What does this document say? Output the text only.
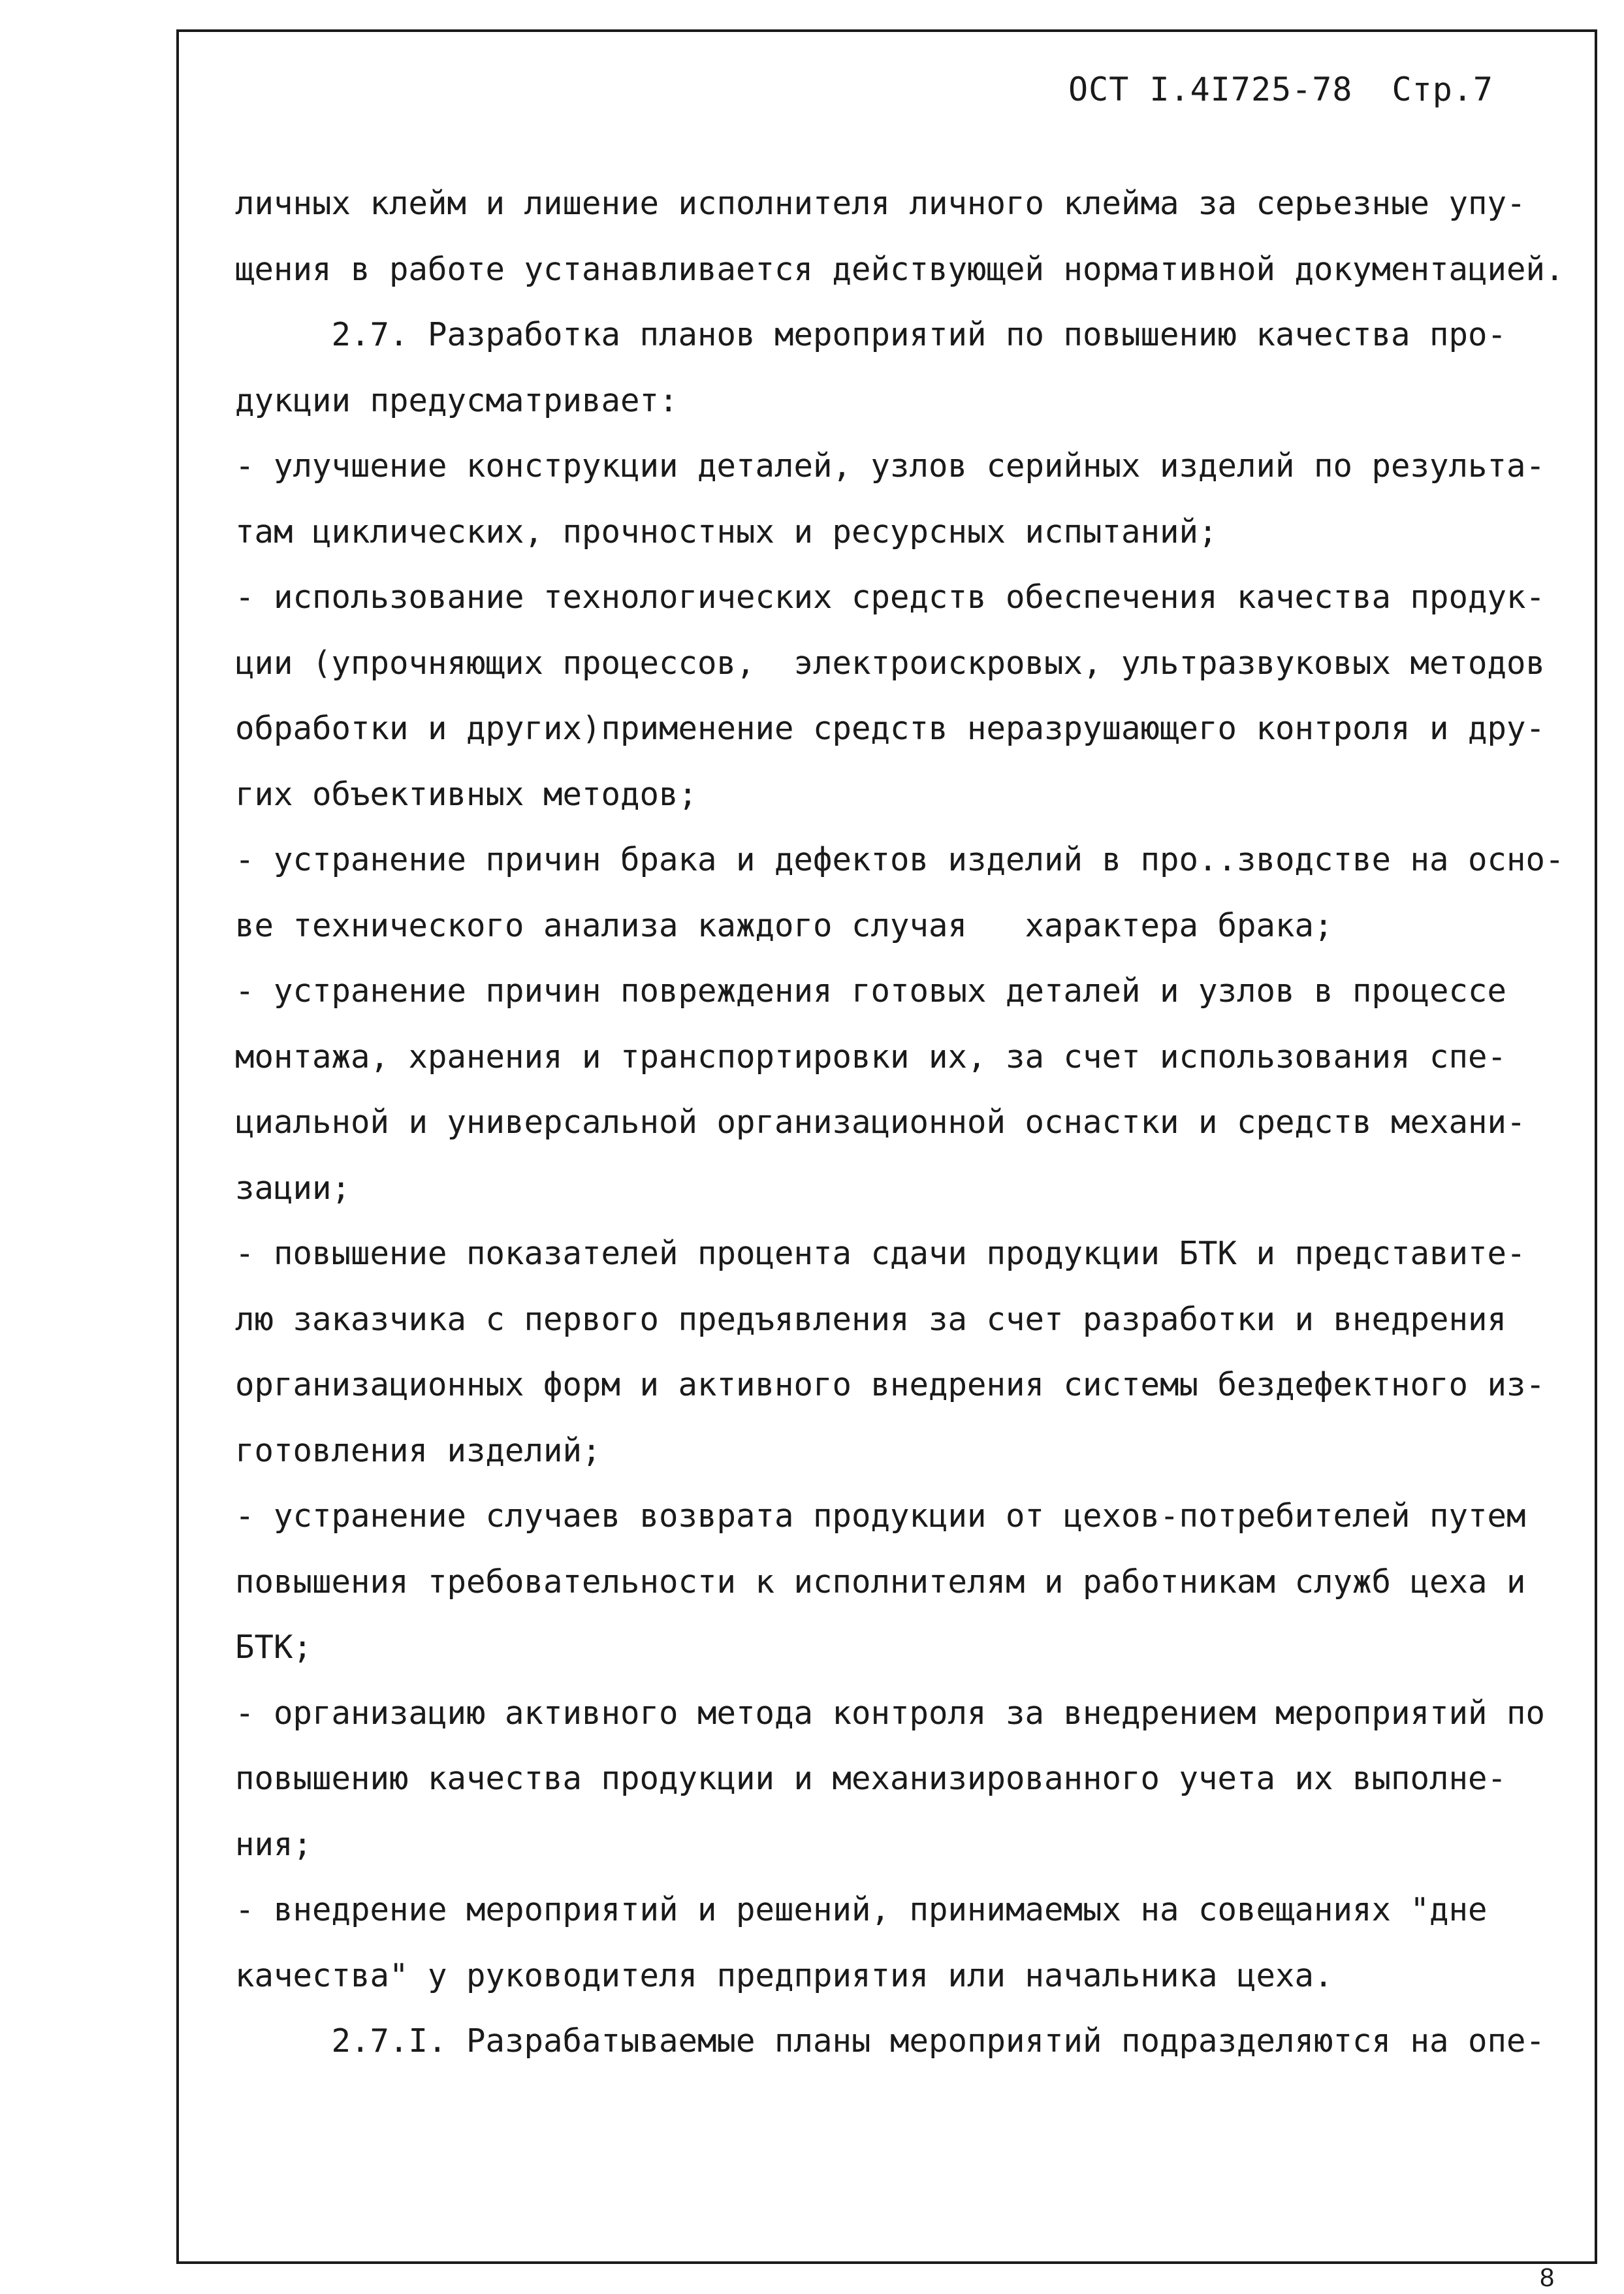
ОСТ I.4I725-78 Стр.7
личных клейм и лишение исполнителя личного клейма за серьезные упу-
щения в работе устанавливается действующей нормативной документацией.
2.7. Разработка планов мероприятий по повышению качества про-
дукции предусматривает:
- улучшение конструкции деталей, узлов серийных изделий по результа-
там циклических, прочностных и ресурсных испытаний;
- использование технологических средств обеспечения качества продук-
ции (упрочняющих процессов,  электроискровых, ультразвуковых методов
обработки и других)применение средств неразрушающего контроля и дру-
гих объективных методов;
- устранение причин брака и дефектов изделий в про..зводстве на осно-
ве технического анализа каждого случая   характера брака;
- устранение причин повреждения готовых деталей и узлов в процессе
монтажа, хранения и транспортировки их, за счет использования спе-
циальной и универсальной организационной оснастки и средств механи-
зации;
- повышение показателей процента сдачи продукции БТК и представите-
лю заказчика с первого предъявления за счет разработки и внедрения
организационных форм и активного внедрения системы бездефектного из-
готовления изделий;
- устранение случаев возврата продукции от цехов-потребителей путем
повышения требовательности к исполнителям и работникам служб цеха и
БТК;
- организацию активного метода контроля за внедрением мероприятий по
повышению качества продукции и механизированного учета их выполне-
ния;
- внедрение мероприятий и решений, принимаемых на совещаниях "дне
качества" у руководителя предприятия или начальника цеха.
2.7.I. Разрабатываемые планы мероприятий подразделяются на опе-
8
